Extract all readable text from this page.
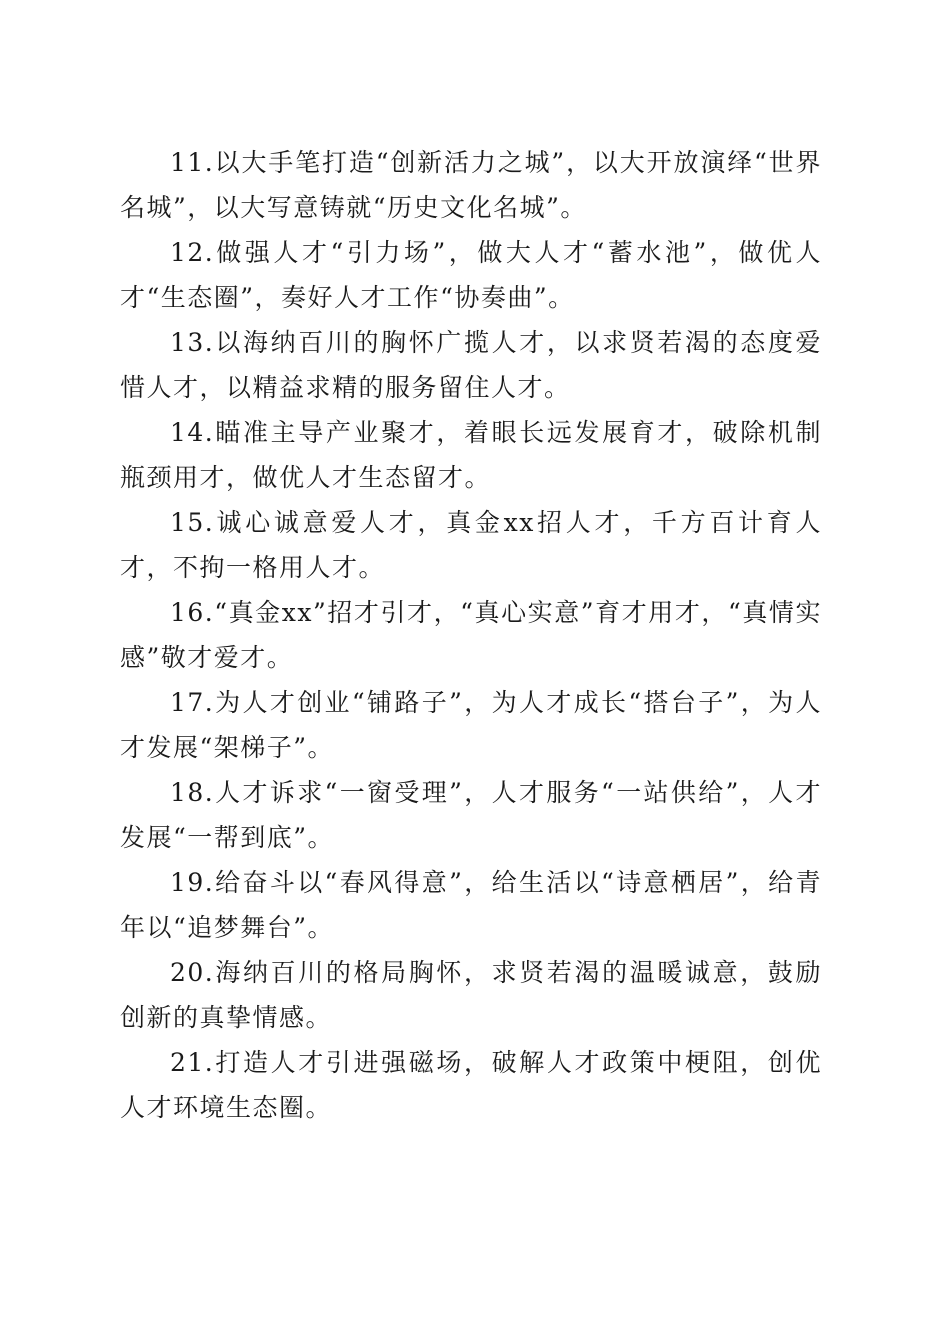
11.以大手笔打造“创新活力之城”，以大开放演绎“世界名城”，以大写意铸就“历史文化名城”。

12.做强人才“引力场”，做大人才“蓄水池”，做优人才“生态圈”，奏好人才工作“协奏曲”。

13.以海纳百川的胸怀广揽人才，以求贤若渴的态度爱惜人才，以精益求精的服务留住人才。

14.瞄准主导产业聚才，着眼长远发展育才，破除机制瓶颈用才，做优人才生态留才。

15.诚心诚意爱人才，真金xx招人才，千方百计育人才，不拘一格用人才。

16.“真金xx”招才引才，“真心实意”育才用才，“真情实感”敬才爱才。

17.为人才创业“铺路子”，为人才成长“搭台子”，为人才发展“架梯子”。

18.人才诉求“一窗受理”，人才服务“一站供给”，人才发展“一帮到底”。

19.给奋斗以“春风得意”，给生活以“诗意栖居”，给青年以“追梦舞台”。

20.海纳百川的格局胸怀，求贤若渴的温暖诚意，鼓励创新的真挚情感。

21.打造人才引进强磁场，破解人才政策中梗阻，创优人才环境生态圈。
